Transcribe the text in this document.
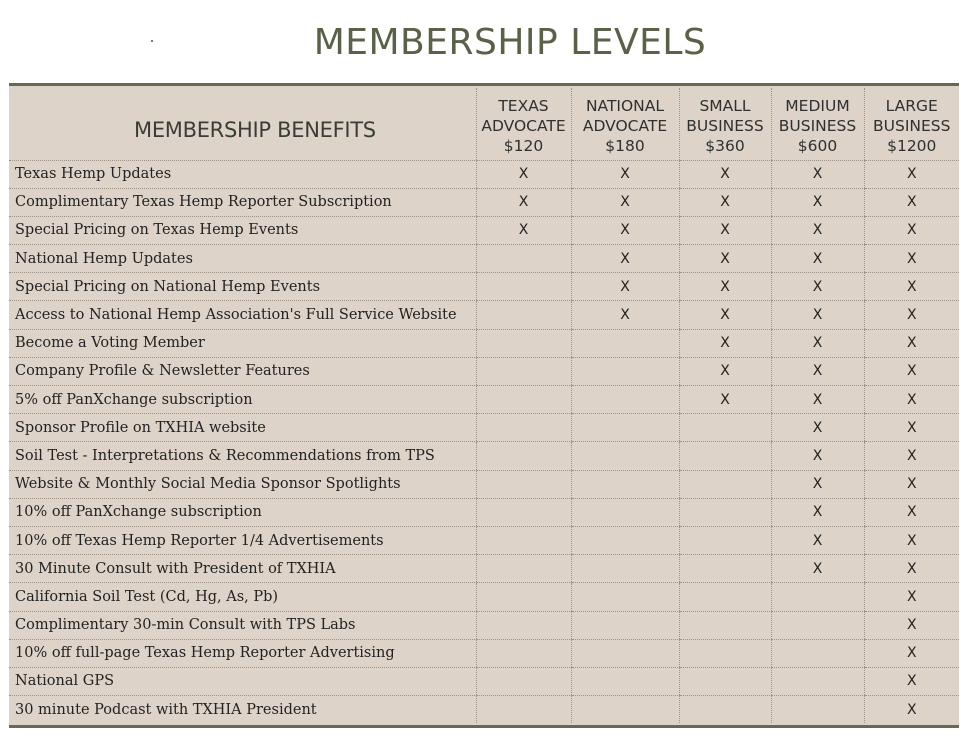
MEMBERSHIP LEVELS
MEMBERSHIP BENEFITS	TEXAS
ADVOCATE
$120	NATIONAL
ADVOCATE
$180	SMALL
BUSINESS
$360	MEDIUM
BUSINESS
$600	LARGE
BUSINESS
$1200

Texas Hemp Updates	X	X	X	X	X
Complimentary Texas Hemp Reporter Subscription	X	X	X	X	X
Special Pricing on Texas Hemp Events	X	X	X	X	X
National Hemp Updates		X	X	X	X
Special Pricing on National Hemp Events		X	X	X	X
Access to National Hemp Association's Full Service Website		X	X	X	X
Become a Voting Member			X	X	X
Company Profile & Newsletter Features			X	X	X
5% off PanXchange subscription			X	X	X
Sponsor Profile on TXHIA website				X	X
Soil Test - Interpretations & Recommendations from TPS				X	X
Website & Monthly Social Media Sponsor Spotlights				X	X
10% off PanXchange subscription				X	X
10% off Texas Hemp Reporter 1/4 Advertisements				X	X
30 Minute Consult with President of TXHIA				X	X
California Soil Test (Cd, Hg, As, Pb)					X
Complimentary 30-min Consult with TPS Labs					X
10% off full-page Texas Hemp Reporter Advertising					X
National GPS					X
30 minute Podcast with TXHIA President					X
